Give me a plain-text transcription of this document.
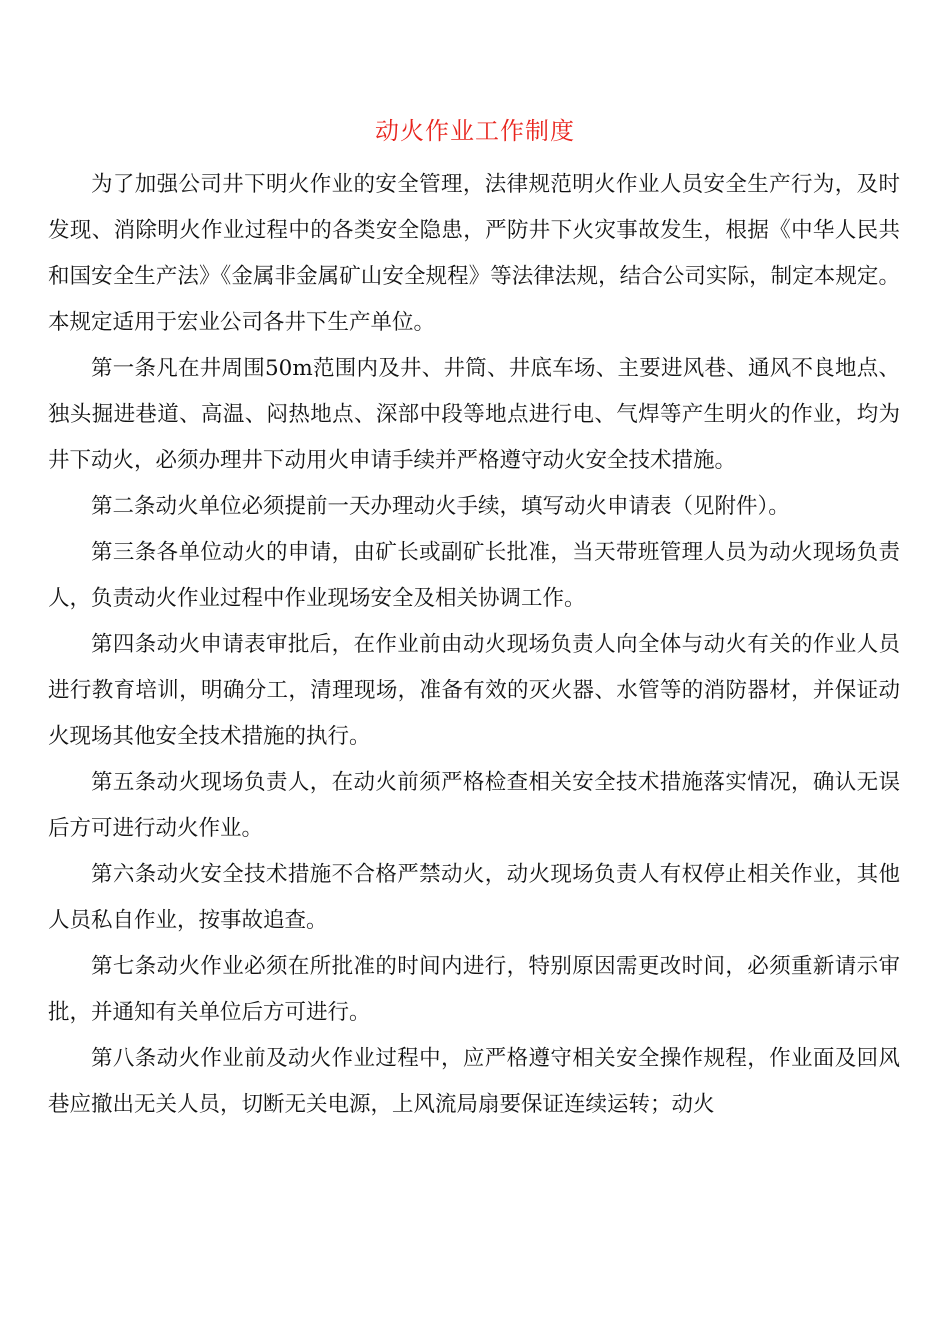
动火作业工作制度

为了加强公司井下明火作业的安全管理，法律规范明火作业人员安全生产行为，及时发现、消除明火作业过程中的各类安全隐患，严防井下火灾事故发生，根据《中华人民共和国安全生产法》《金属非金属矿山安全规程》等法律法规，结合公司实际，制定本规定。本规定适用于宏业公司各井下生产单位。

第一条凡在井周围50m范围内及井、井筒、井底车场、主要进风巷、通风不良地点、独头掘进巷道、高温、闷热地点、深部中段等地点进行电、气焊等产生明火的作业，均为井下动火，必须办理井下动用火申请手续并严格遵守动火安全技术措施。

第二条动火单位必须提前一天办理动火手续，填写动火申请表（见附件）。

第三条各单位动火的申请，由矿长或副矿长批准，当天带班管理人员为动火现场负责人，负责动火作业过程中作业现场安全及相关协调工作。

第四条动火申请表审批后，在作业前由动火现场负责人向全体与动火有关的作业人员进行教育培训，明确分工，清理现场，准备有效的灭火器、水管等的消防器材，并保证动火现场其他安全技术措施的执行。

第五条动火现场负责人，在动火前须严格检查相关安全技术措施落实情况，确认无误后方可进行动火作业。

第六条动火安全技术措施不合格严禁动火，动火现场负责人有权停止相关作业，其他人员私自作业，按事故追查。

第七条动火作业必须在所批准的时间内进行，特别原因需更改时间，必须重新请示审批，并通知有关单位后方可进行。

第八条动火作业前及动火作业过程中，应严格遵守相关安全操作规程，作业面及回风巷应撤出无关人员，切断无关电源，上风流局扇要保证连续运转；动火
